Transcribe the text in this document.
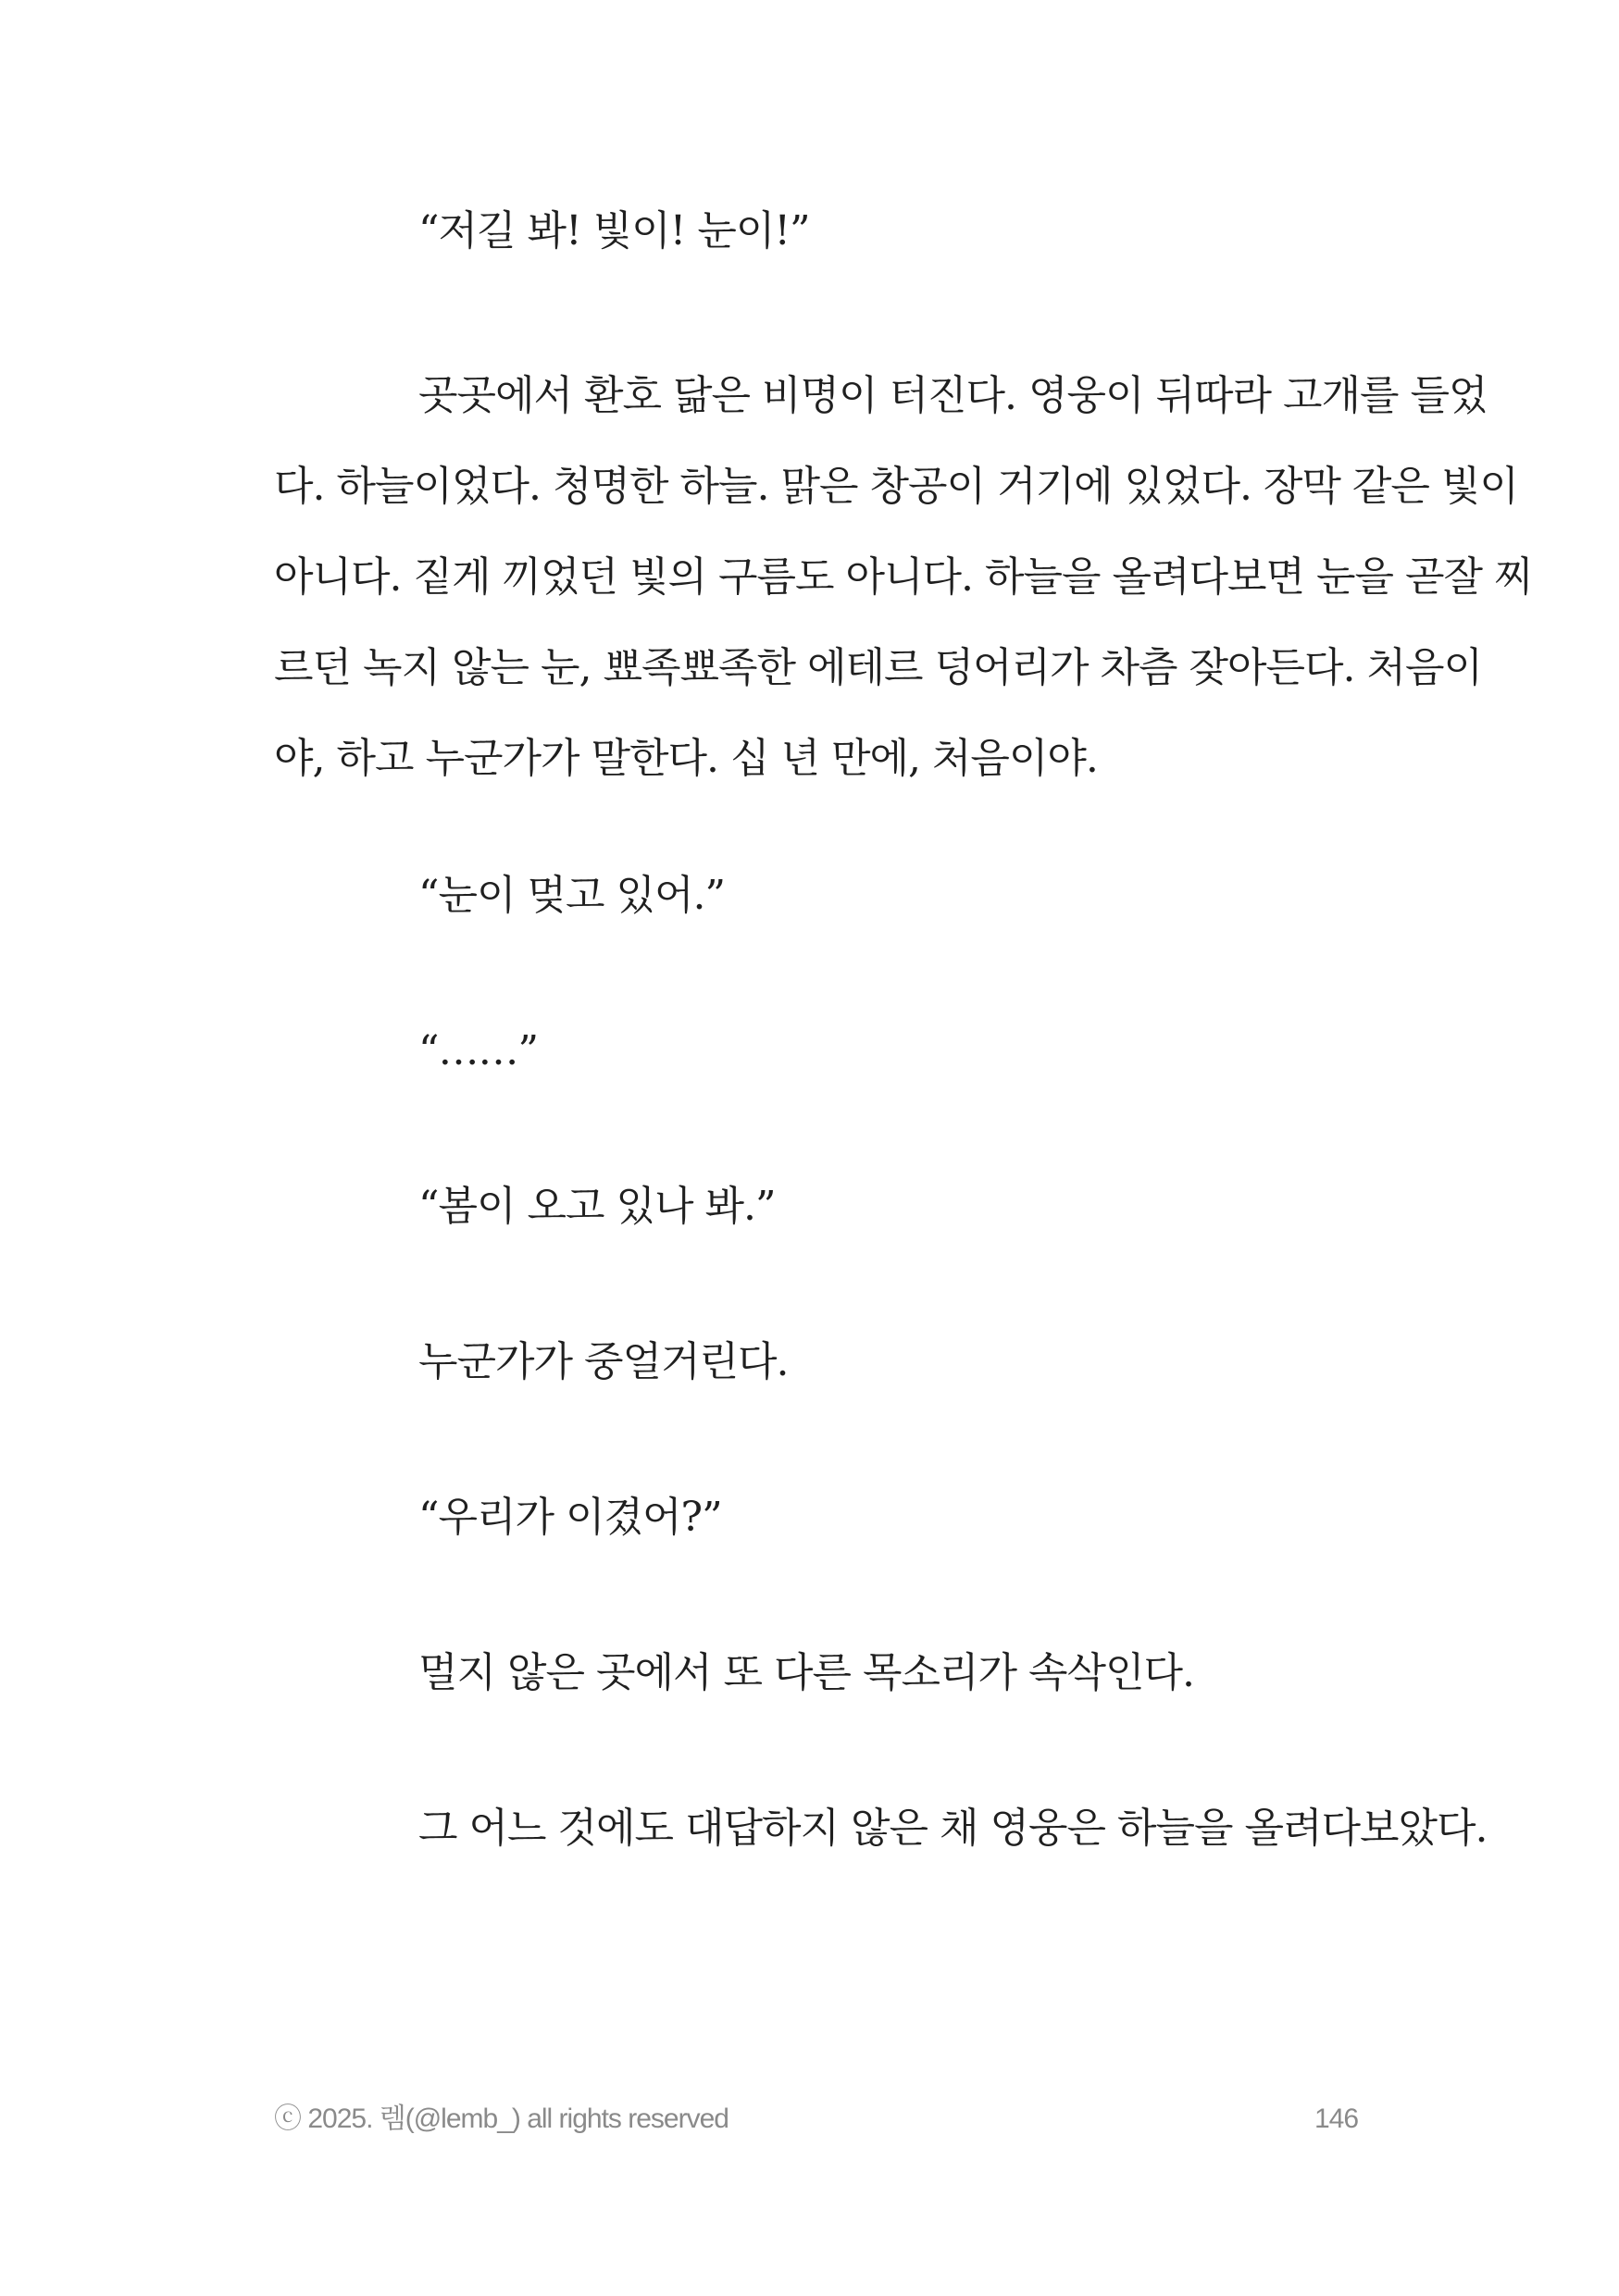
“저길 봐! 빛이! 눈이!”

곳곳에서 환호 닮은 비명이 터진다. 영웅이 뒤따라 고개를 들었
다. 하늘이었다. 청명한 하늘. 맑은 창공이 거기에 있었다. 장막 같은 빛이
아니다. 짙게 끼었던 빛의 구름도 아니다. 하늘을 올려다보면 눈을 곧잘 찌
르던 녹지 않는 눈, 뾰족뾰족한 에테르 덩어리가 차츰 잦아든다. 처음이
야, 하고 누군가가 말한다. 십 년 만에, 처음이야.

“눈이 멎고 있어.”

“……”

“봄이 오고 있나 봐.”

누군가가 중얼거린다.

“우리가 이겼어?”

멀지 않은 곳에서 또 다른 목소리가 속삭인다.

그 어느 것에도 대답하지 않은 채 영웅은 하늘을 올려다보았다.

ⓒ 2025. 렘(@lemb_) all rights reserved	146
